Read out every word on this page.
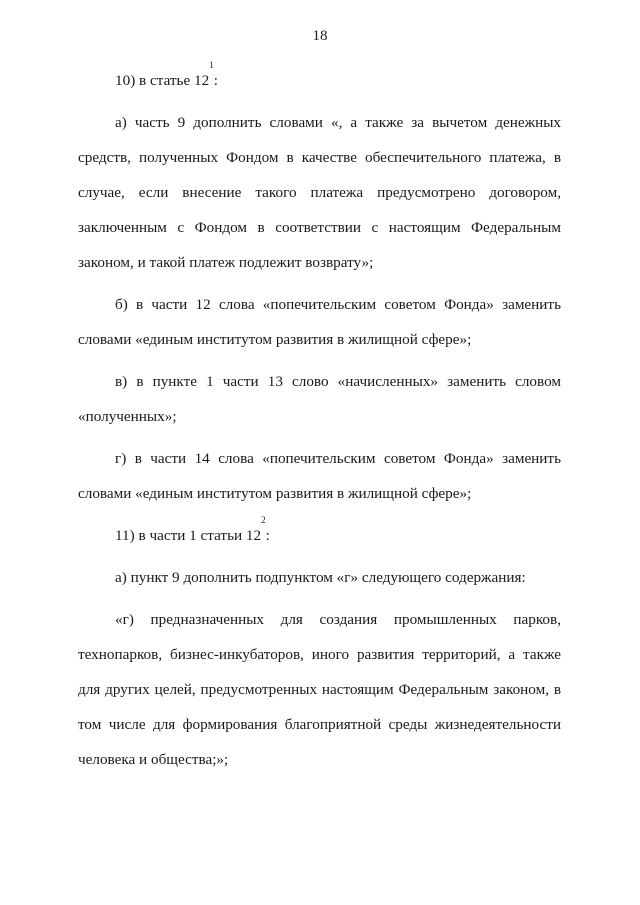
18

10) в статье $12^1$:

а) часть 9 дополнить словами «, а также за вычетом денежных средств, полученных Фондом в качестве обеспечительного платежа, в случае, если внесение такого платежа предусмотрено договором, заключенным с Фондом в соответствии с настоящим Федеральным законом, и такой платеж подлежит возврату»;

б) в части 12 слова «попечительским советом Фонда» заменить словами «единым институтом развития в жилищной сфере»;

в) в пункте 1 части 13 слово «начисленных» заменить словом «полученных»;

г) в части 14 слова «попечительским советом Фонда» заменить словами «единым институтом развития в жилищной сфере»;

11) в части 1 статьи $12^2$:

а) пункт 9 дополнить подпунктом «г» следующего содержания:

«г) предназначенных для создания промышленных парков, технопарков, бизнес-инкубаторов, иного развития территорий, а также для других целей, предусмотренных настоящим Федеральным законом, в том числе для формирования благоприятной среды жизнедеятельности человека и общества;»;
